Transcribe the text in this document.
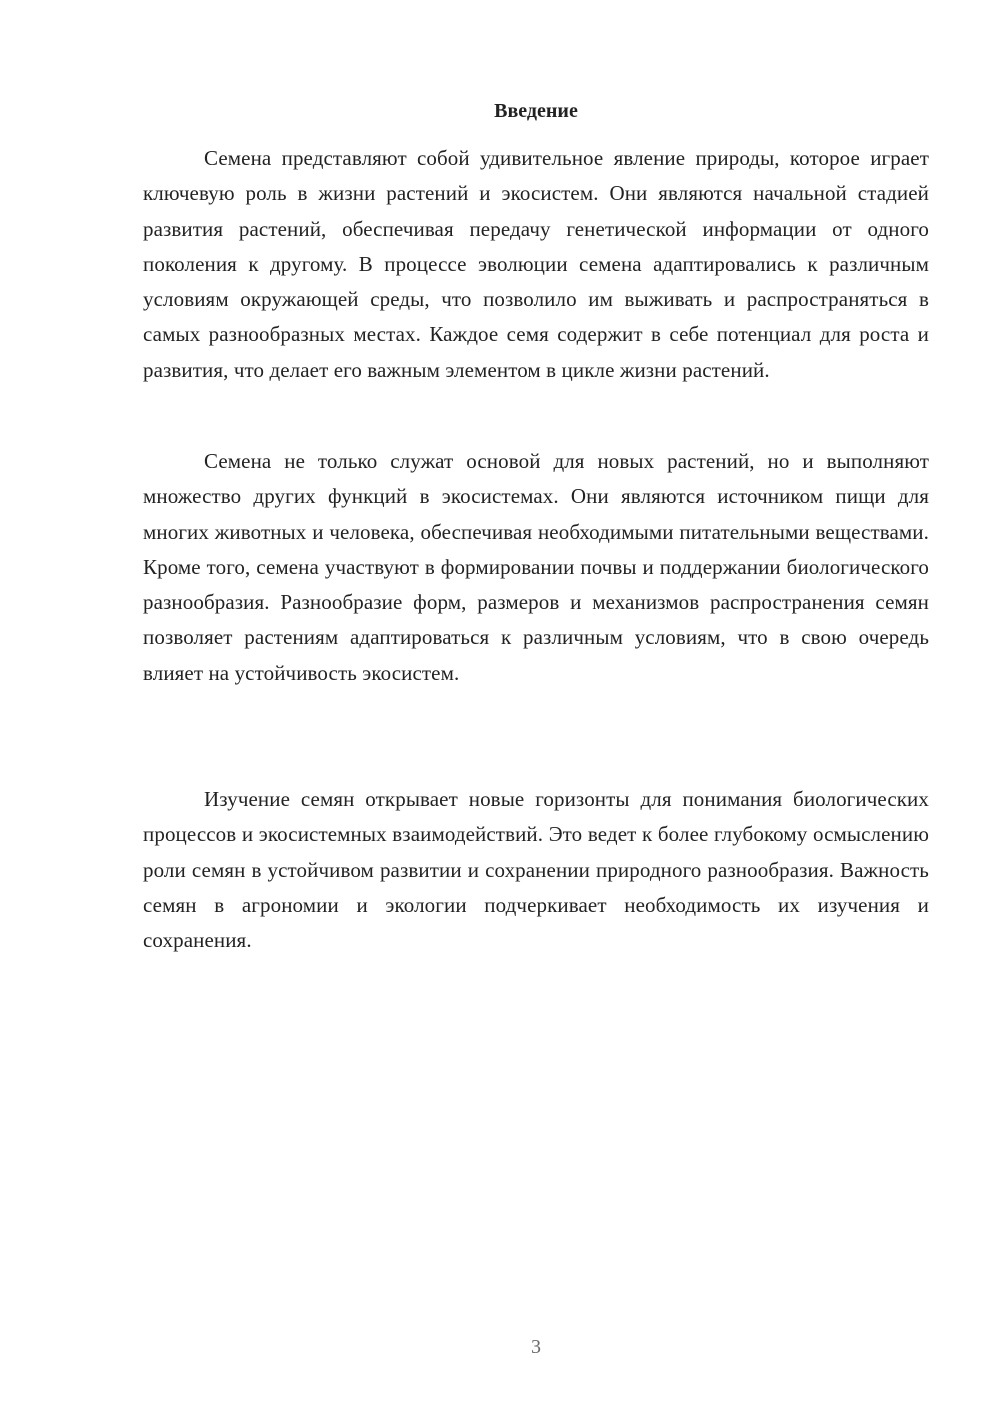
Введение

Семена представляют собой удивительное явление природы, которое играет ключевую роль в жизни растений и экосистем. Они являются начальной стадией развития растений, обеспечивая передачу генетической информации от одного поколения к другому. В процессе эволюции семена адаптировались к различным условиям окружающей среды, что позволило им выживать и распространяться в самых разнообразных местах. Каждое семя содержит в себе потенциал для роста и развития, что делает его важным элементом в цикле жизни растений.

Семена не только служат основой для новых растений, но и выполняют множество других функций в экосистемах. Они являются источником пищи для многих животных и человека, обеспечивая необходимыми питательными веществами. Кроме того, семена участвуют в формировании почвы и поддержании биологического разнообразия. Разнообразие форм, размеров и механизмов распространения семян позволяет растениям адаптироваться к различным условиям, что в свою очередь влияет на устойчивость экосистем.

Изучение семян открывает новые горизонты для понимания биологических процессов и экосистемных взаимодействий. Это ведет к более глубокому осмыслению роли семян в устойчивом развитии и сохранении природного разнообразия. Важность семян в агрономии и экологии подчеркивает необходимость их изучения и сохранения.

3
